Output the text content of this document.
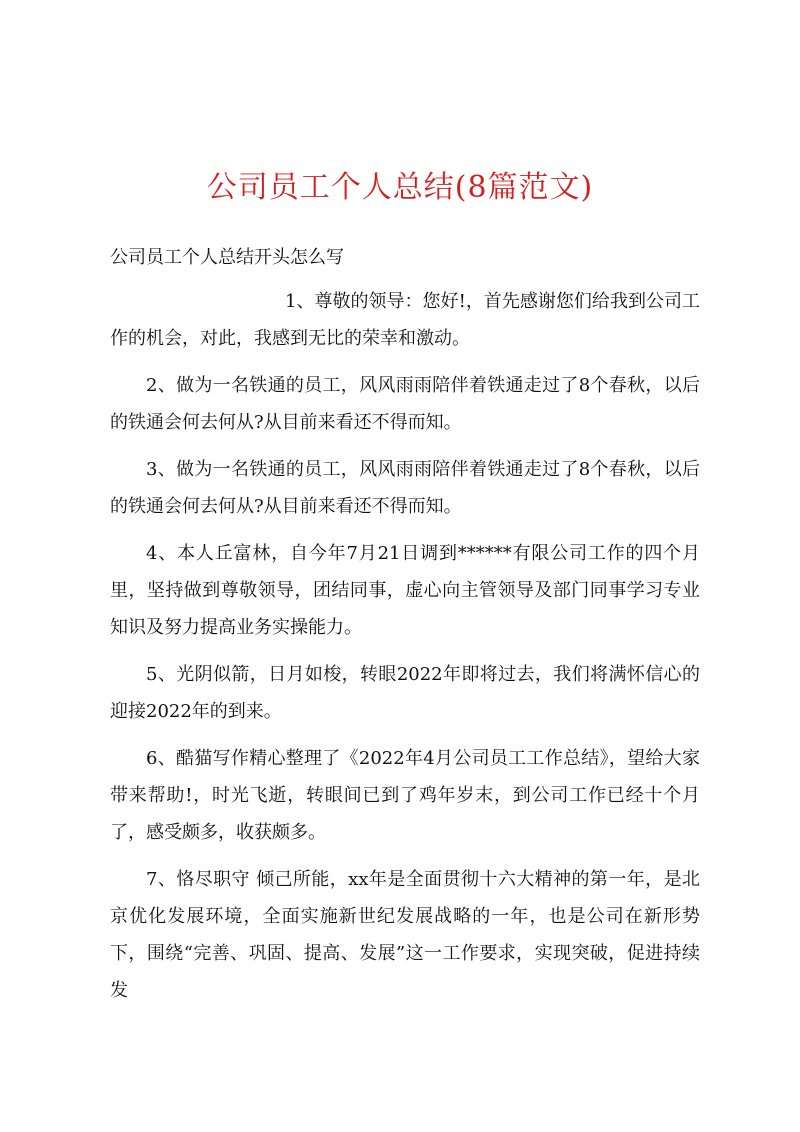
公司员工个人总结(8篇范文)

公司员工个人总结开头怎么写

1、尊敬的领导：您好!，首先感谢您们给我到公司工作的机会，对此，我感到无比的荣幸和激动。

2、做为一名铁通的员工，风风雨雨陪伴着铁通走过了8个春秋，以后的铁通会何去何从?从目前来看还不得而知。

3、做为一名铁通的员工，风风雨雨陪伴着铁通走过了8个春秋，以后的铁通会何去何从?从目前来看还不得而知。

4、本人丘富林，自今年7月21日调到******有限公司工作的四个月里，坚持做到尊敬领导，团结同事，虚心向主管领导及部门同事学习专业知识及努力提高业务实操能力。

5、光阴似箭，日月如梭，转眼2022年即将过去，我们将满怀信心的迎接2022年的到来。

6、酷猫写作精心整理了《2022年4月公司员工工作总结》，望给大家带来帮助!，时光飞逝，转眼间已到了鸡年岁末，到公司工作已经十个月了，感受颇多，收获颇多。

7、恪尽职守 倾己所能，xx年是全面贯彻十六大精神的第一年，是北京优化发展环境，全面实施新世纪发展战略的一年，也是公司在新形势下，围绕“完善、巩固、提高、发展”这一工作要求，实现突破，促进持续发
